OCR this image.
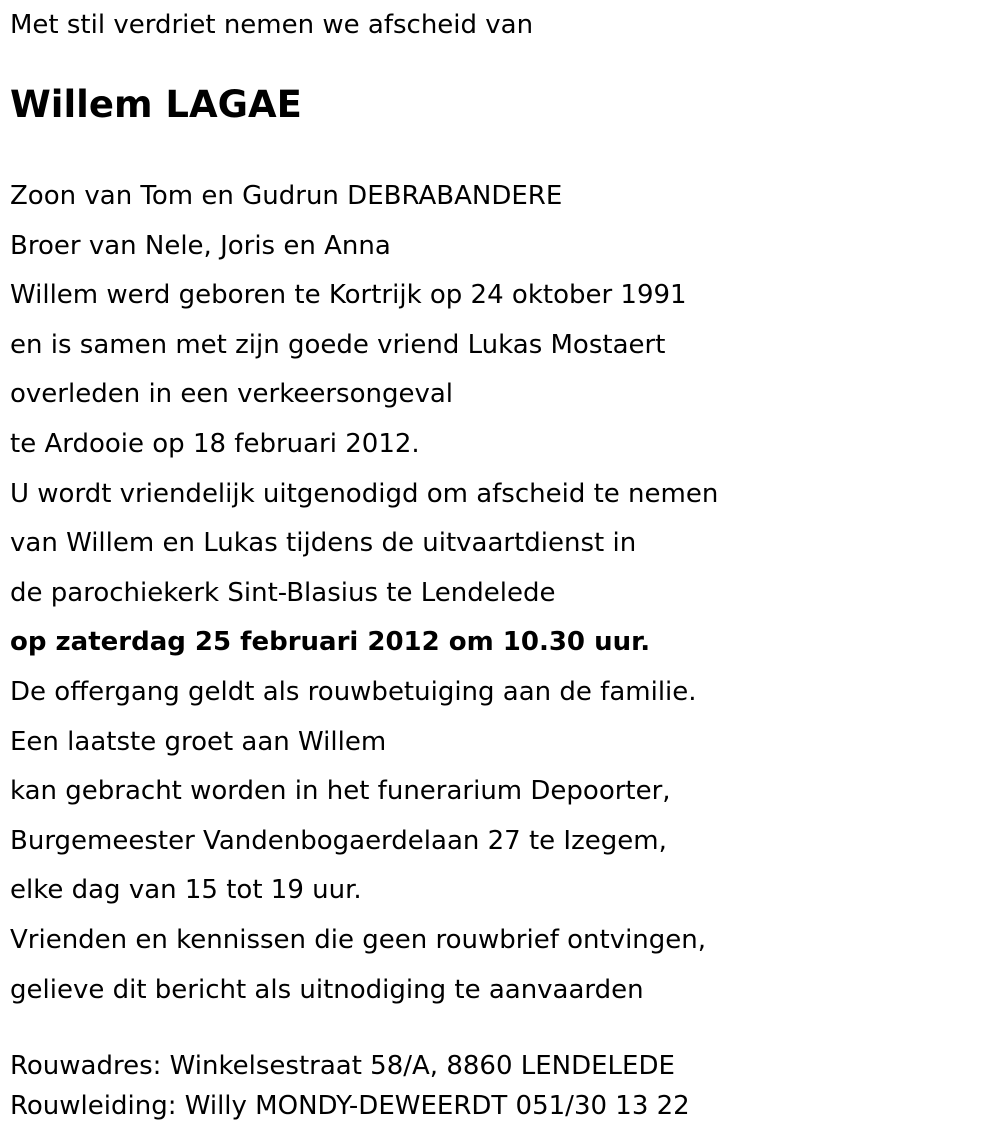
Met stil verdriet nemen we afscheid van
Willem LAGAE
Zoon van Tom en Gudrun DEBRABANDERE
Broer van Nele, Joris en Anna
Willem werd geboren te Kortrijk op 24 oktober 1991
en is samen met zijn goede vriend Lukas Mostaert
overleden in een verkeersongeval
te Ardooie op 18 februari 2012.
U wordt vriendelijk uitgenodigd om afscheid te nemen
van Willem en Lukas tijdens de uitvaartdienst in
de parochiekerk Sint-Blasius te Lendelede
op zaterdag 25 februari 2012 om 10.30 uur.
De offergang geldt als rouwbetuiging aan de familie.
Een laatste groet aan Willem
kan gebracht worden in het funerarium Depoorter,
Burgemeester Vandenbogaerdelaan 27 te Izegem,
elke dag van 15 tot 19 uur.
Vrienden en kennissen die geen rouwbrief ontvingen,
gelieve dit bericht als uitnodiging te aanvaarden
Rouwadres: Winkelsestraat 58/A, 8860 LENDELEDE
Rouwleiding: Willy MONDY-DEWEERDT 051/30 13 22
